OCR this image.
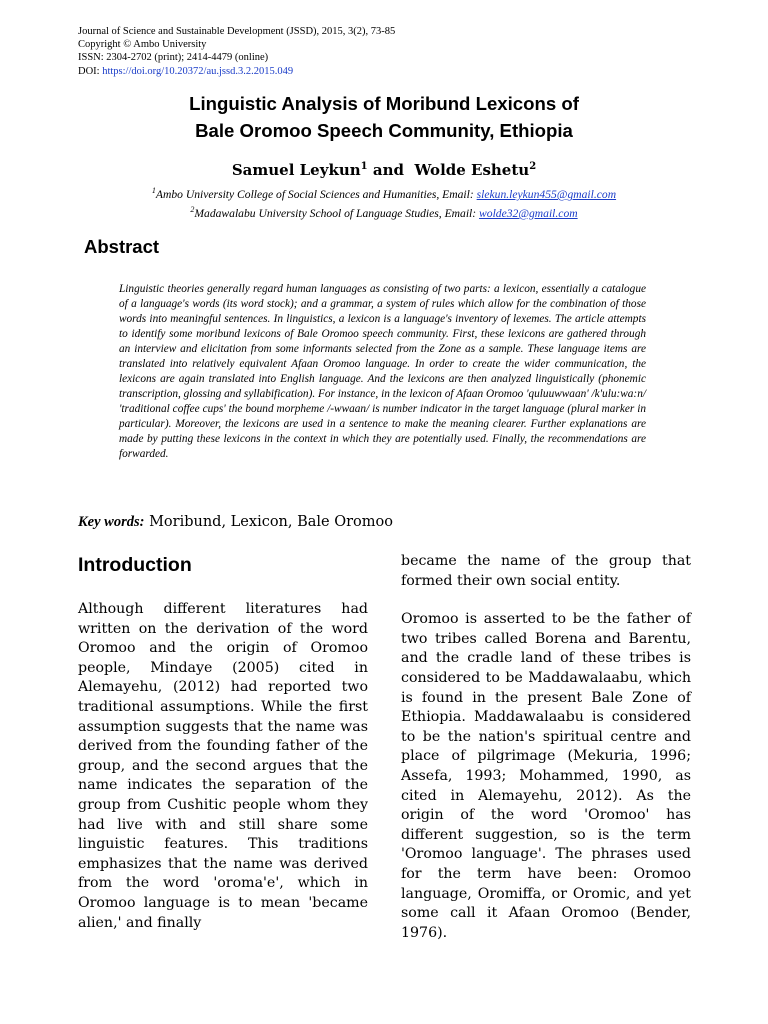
Journal of Science and Sustainable Development (JSSD), 2015, 3(2), 73-85
Copyright © Ambo University
ISSN: 2304-2702 (print); 2414-4479 (online)
DOI: https://doi.org/10.20372/au.jssd.3.2.2015.049
Linguistic Analysis of Moribund Lexicons of
Bale Oromoo Speech Community, Ethiopia
Samuel Leykun$^1$ and Wolde Eshetu$^2$
$^1$Ambo University College of Social Sciences and Humanities, Email: slekun.leykun455@gmail.com
$^2$Madawalabu University School of Language Studies, Email: wolde32@gmail.com
Abstract
Linguistic theories generally regard human languages as consisting of two parts: a lexicon, essentially a catalogue of a language's words (its word stock); and a grammar, a system of rules which allow for the combination of those words into meaningful sentences. In linguistics, a lexicon is a language's inventory of lexemes. The article attempts to identify some moribund lexicons of Bale Oromoo speech community. First, these lexicons are gathered through an interview and elicitation from some informants selected from the Zone as a sample. These language items are translated into relatively equivalent Afaan Oromoo language. In order to create the wider communication, the lexicons are again translated into English language. And the lexicons are then analyzed linguistically (phonemic transcription, glossing and syllabification). For instance, in the lexicon of Afaan Oromoo 'quluuwwaan' /k'ulu:wa:n/ 'traditional coffee cups' the bound morpheme /-wwaan/ is number indicator in the target language (plural marker in particular). Moreover, the lexicons are used in a sentence to make the meaning clearer. Further explanations are made by putting these lexicons in the context in which they are potentially used. Finally, the recommendations are forwarded.
Key words: Moribund, Lexicon, Bale Oromoo
Introduction

Although different literatures had written on the derivation of the word Oromoo and the origin of Oromoo people, Mindaye (2005) cited in Alemayehu, (2012) had reported two traditional assumptions. While the first assumption suggests that the name was derived from the founding father of the group, and the second argues that the name indicates the separation of the group from Cushitic people whom they had live with and still share some linguistic features. This traditions emphasizes that the name was derived from the word 'oroma'e', which in Oromoo language is to mean 'became alien,' and finally

became the name of the group that formed their own social entity.

Oromoo is asserted to be the father of two tribes called Borena and Barentu, and the cradle land of these tribes is considered to be Maddawalaabu, which is found in the present Bale Zone of Ethiopia. Maddawalaabu is considered to be the nation's spiritual centre and place of pilgrimage (Mekuria, 1996; Assefa, 1993; Mohammed, 1990, as cited in Alemayehu, 2012). As the origin of the word 'Oromoo' has different suggestion, so is the term 'Oromoo language'. The phrases used for the term have been: Oromoo language, Oromiffa, or Oromic, and yet some call it Afaan Oromoo (Bender, 1976).
